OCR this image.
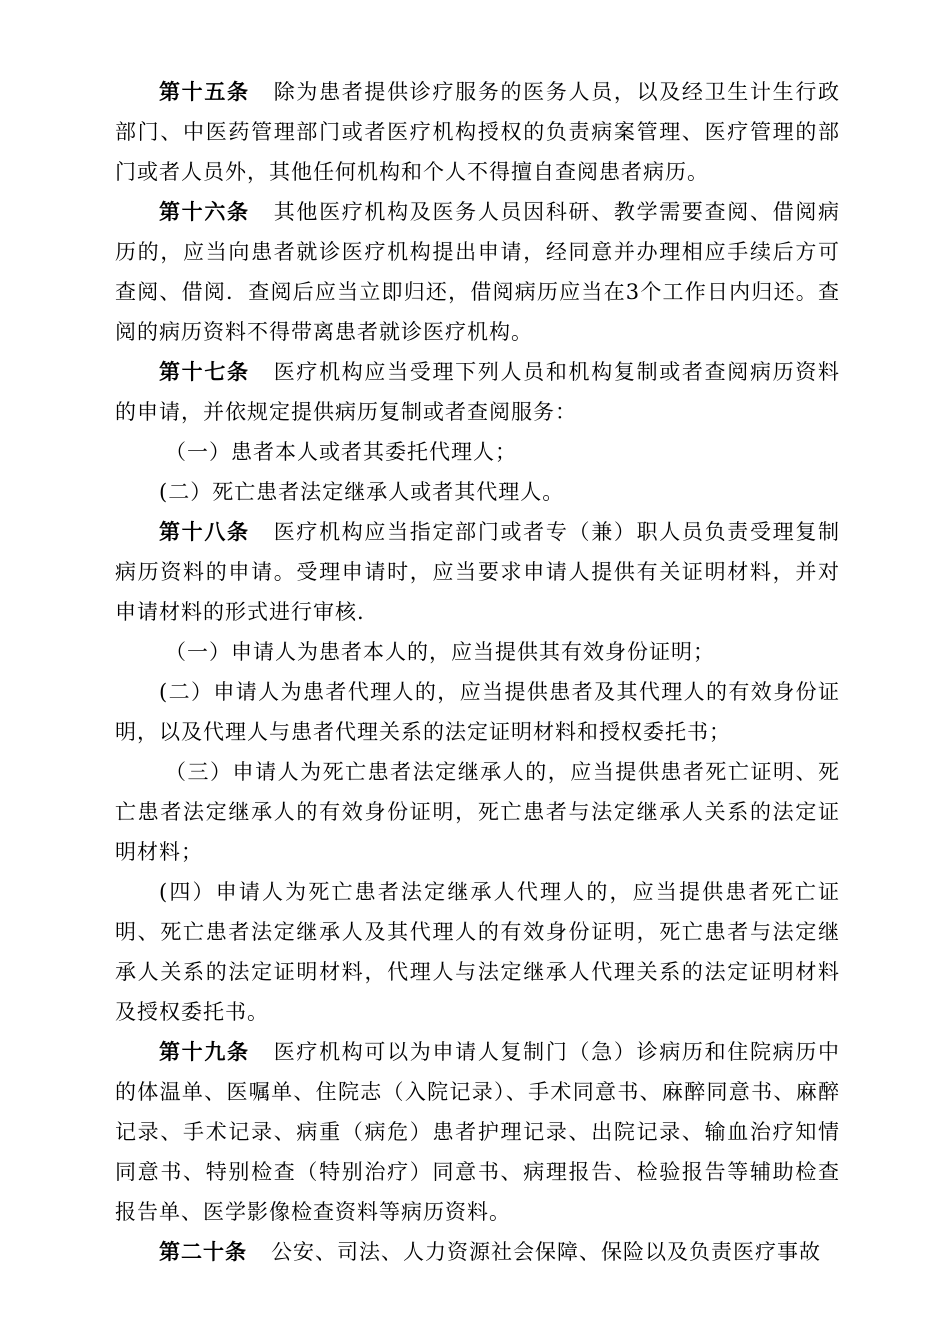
第十五条 除为患者提供诊疗服务的医务人员，以及经卫生计生行政部门、中医药管理部门或者医疗机构授权的负责病案管理、医疗管理的部门或者人员外，其他任何机构和个人不得擅自查阅患者病历。

第十六条 其他医疗机构及医务人员因科研、教学需要查阅、借阅病历的，应当向患者就诊医疗机构提出申请，经同意并办理相应手续后方可查阅、借阅．查阅后应当立即归还，借阅病历应当在3个工作日内归还。查阅的病历资料不得带离患者就诊医疗机构。

第十七条 医疗机构应当受理下列人员和机构复制或者查阅病历资料的申请，并依规定提供病历复制或者查阅服务：

（一）患者本人或者其委托代理人；

(二）死亡患者法定继承人或者其代理人。

第十八条 医疗机构应当指定部门或者专（兼）职人员负责受理复制病历资料的申请。受理申请时，应当要求申请人提供有关证明材料，并对申请材料的形式进行审核.

（一）申请人为患者本人的，应当提供其有效身份证明；

(二）申请人为患者代理人的，应当提供患者及其代理人的有效身份证明，以及代理人与患者代理关系的法定证明材料和授权委托书；

（三）申请人为死亡患者法定继承人的，应当提供患者死亡证明、死亡患者法定继承人的有效身份证明，死亡患者与法定继承人关系的法定证明材料；

(四）申请人为死亡患者法定继承人代理人的，应当提供患者死亡证明、死亡患者法定继承人及其代理人的有效身份证明，死亡患者与法定继承人关系的法定证明材料，代理人与法定继承人代理关系的法定证明材料及授权委托书。

第十九条 医疗机构可以为申请人复制门（急）诊病历和住院病历中的体温单、医嘱单、住院志（入院记录）、手术同意书、麻醉同意书、麻醉记录、手术记录、病重（病危）患者护理记录、出院记录、输血治疗知情同意书、特别检查（特别治疗）同意书、病理报告、检验报告等辅助检查报告单、医学影像检查资料等病历资料。

第二十条 公安、司法、人力资源社会保障、保险以及负责医疗事故
